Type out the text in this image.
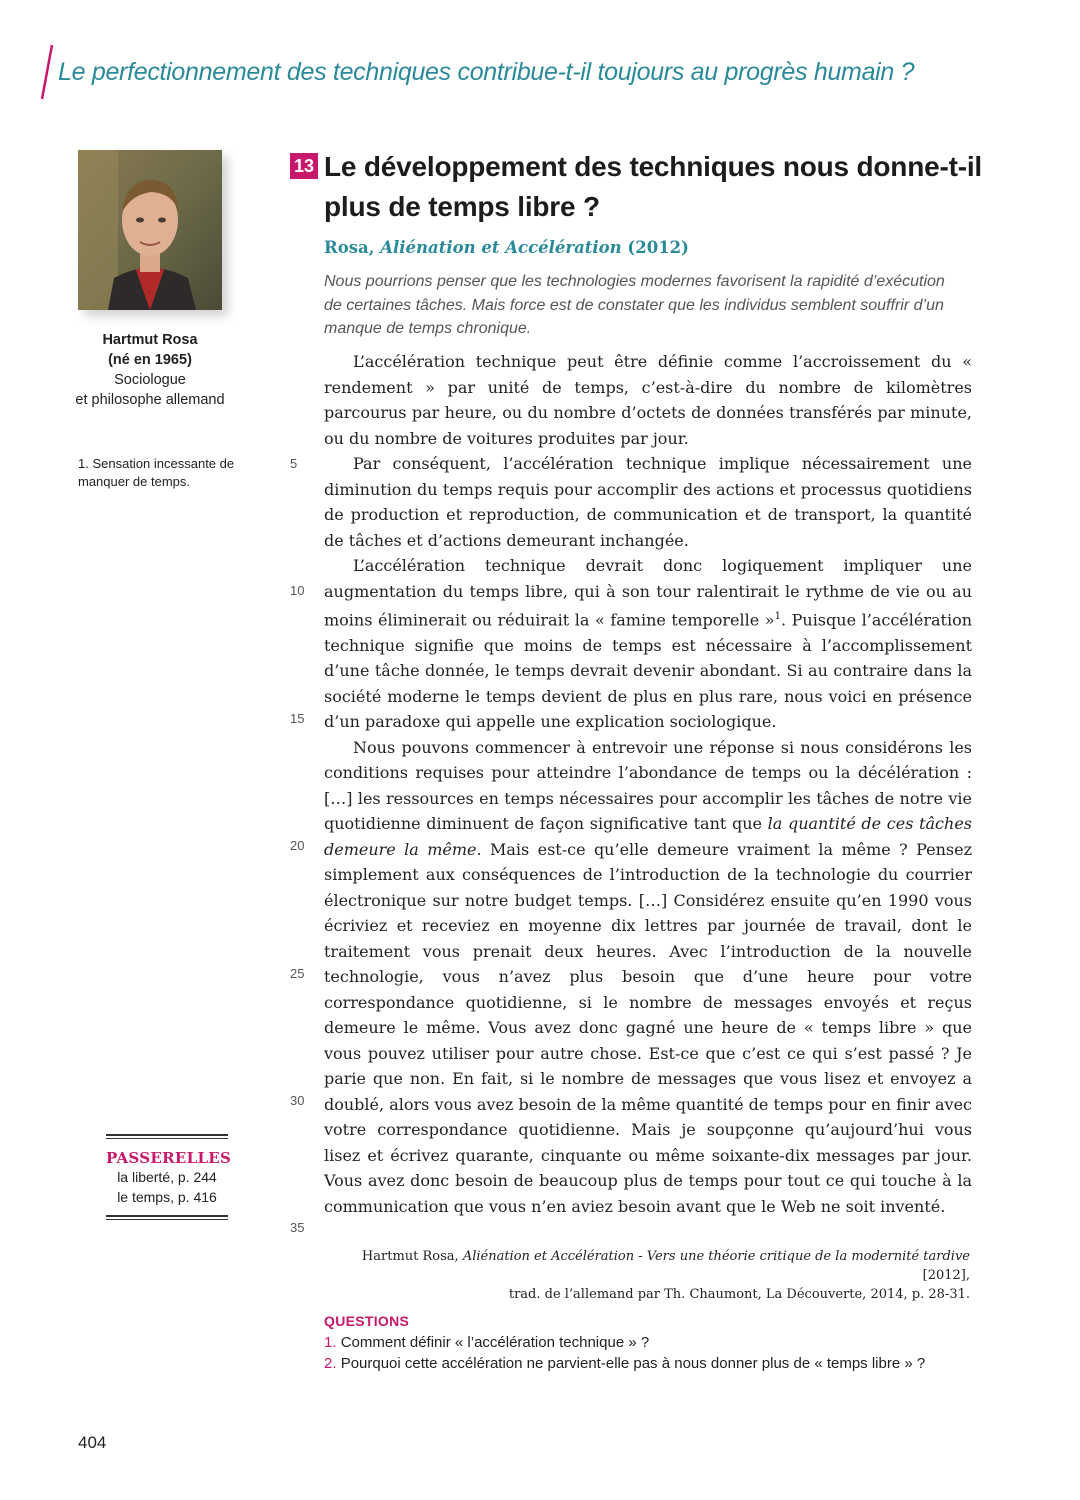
Le perfectionnement des techniques contribue-t-il toujours au progrès humain ?
Hartmut Rosa
(né en 1965)
Sociologue
et philosophe allemand
1. Sensation incessante de manquer de temps.
PASSERELLES
la liberté, p. 244
le temps, p. 416
13 Le développement des techniques nous donne-t-il plus de temps libre ?
Rosa, Aliénation et Accélération (2012)
Nous pourrions penser que les technologies modernes favorisent la rapidité d’exécution de certaines tâches. Mais force est de constater que les individus semblent souffrir d’un manque de temps chronique.

L’accélération technique peut être définie comme l’accroissement du « rendement » par unité de temps, c’est-à-dire du nombre de kilomètres parcourus par heure, ou du nombre d’octets de données transférés par minute, ou du nombre de voitures produites par jour.

Par conséquent, l’accélération technique implique nécessairement une diminution du temps requis pour accomplir des actions et processus quotidiens de production et reproduction, de communication et de transport, la quantité de tâches et d’actions demeurant inchangée.

L’accélération technique devrait donc logiquement impliquer une augmentation du temps libre, qui à son tour ralentirait le rythme de vie ou au moins éliminerait ou réduirait la « famine temporelle »$^1$. Puisque l’accélération technique signifie que moins de temps est nécessaire à l’accomplissement d’une tâche donnée, le temps devrait devenir abondant. Si au contraire dans la société moderne le temps devient de plus en plus rare, nous voici en présence d’un paradoxe qui appelle une explication sociologique.

Nous pouvons commencer à entrevoir une réponse si nous considérons les conditions requises pour atteindre l’abondance de temps ou la décélération : […] les ressources en temps nécessaires pour accomplir les tâches de notre vie quotidienne diminuent de façon significative tant que la quantité de ces tâches demeure la même. Mais est-ce qu’elle demeure vraiment la même ? Pensez simplement aux conséquences de l’introduction de la technologie du courrier électronique sur notre budget temps. […] Considérez ensuite qu’en 1990 vous écriviez et receviez en moyenne dix lettres par journée de travail, dont le traitement vous prenait deux heures. Avec l’introduction de la nouvelle technologie, vous n’avez plus besoin que d’une heure pour votre correspondance quotidienne, si le nombre de messages envoyés et reçus demeure le même. Vous avez donc gagné une heure de « temps libre » que vous pouvez utiliser pour autre chose. Est-ce que c’est ce qui s’est passé ? Je parie que non. En fait, si le nombre de messages que vous lisez et envoyez a doublé, alors vous avez besoin de la même quantité de temps pour en finir avec votre correspondance quotidienne. Mais je soupçonne qu’aujourd’hui vous lisez et écrivez quarante, cinquante ou même soixante-dix messages par jour. Vous avez donc besoin de beaucoup plus de temps pour tout ce qui touche à la communication que vous n’en aviez besoin avant que le Web ne soit inventé.

5
10
15
20
25
30
35
Hartmut Rosa, Aliénation et Accélération - Vers une théorie critique de la modernité tardive [2012],
trad. de l’allemand par Th. Chaumont, La Découverte, 2014, p. 28-31.
QUESTIONS
1. Comment définir « l’accélération technique » ?
2. Pourquoi cette accélération ne parvient-elle pas à nous donner plus de « temps libre » ?
404
